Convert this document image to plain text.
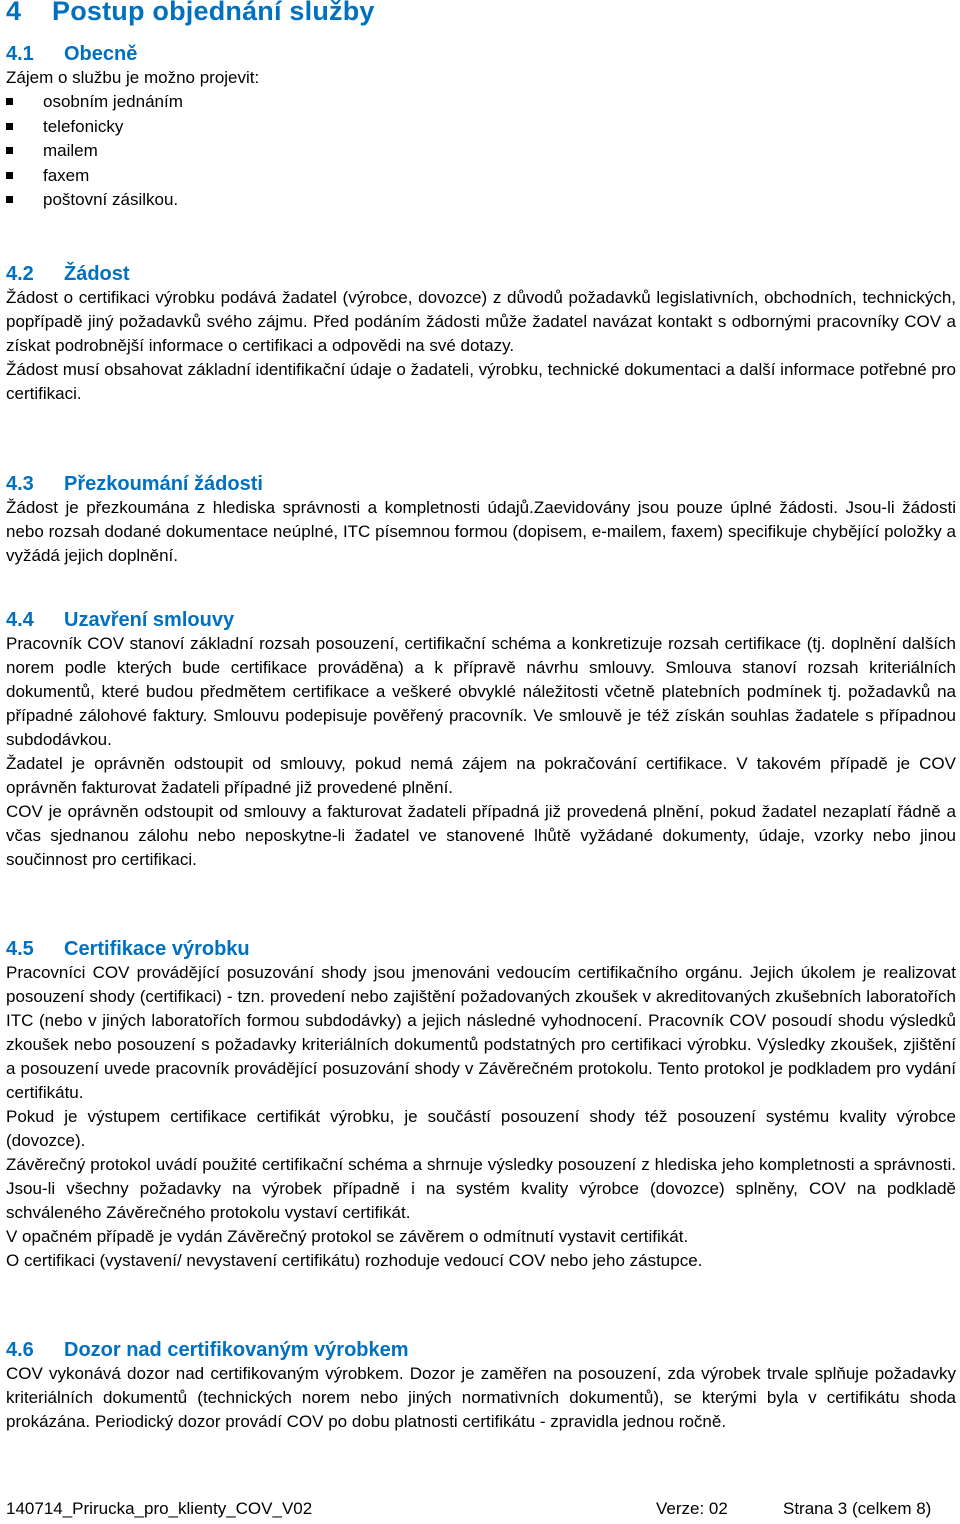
4 Postup objednání služby
4.1 Obecně

Zájem o službu je možno projevit:

osobním jednáním
telefonicky
mailem
faxem
poštovní zásilkou.
4.2 Žádost

Žádost o certifikaci výrobku podává žadatel (výrobce, dovozce) z důvodů požadavků legislativních, obchodních, technických, popřípadě jiný požadavků svého zájmu. Před podáním žádosti může žadatel navázat kontakt s odbornými pracovníky COV a získat podrobnější informace o certifikaci a odpovědi na své dotazy.

Žádost musí obsahovat základní identifikační údaje o žadateli, výrobku, technické dokumentaci a další informace potřebné pro certifikaci.

4.3 Přezkoumání žádosti

Žádost je přezkoumána z hlediska správnosti a kompletnosti údajů.Zaevidovány jsou pouze úplné žádosti. Jsou-li žádosti nebo rozsah dodané dokumentace neúplné, ITC písemnou formou (dopisem, e-mailem, faxem) specifikuje chybějící položky a vyžádá jejich doplnění.

4.4 Uzavření smlouvy

Pracovník COV stanoví základní rozsah posouzení, certifikační schéma a konkretizuje rozsah certifikace (tj. doplnění dalších norem podle kterých bude certifikace prováděna) a k přípravě návrhu smlouvy. Smlouva stanoví rozsah kriteriálních dokumentů, které budou předmětem certifikace a veškeré obvyklé náležitosti včetně platebních podmínek tj. požadavků na případné zálohové faktury. Smlouvu podepisuje pověřený pracovník. Ve smlouvě je též získán souhlas žadatele s případnou subdodávkou.

Žadatel je oprávněn odstoupit od smlouvy, pokud nemá zájem na pokračování certifikace. V takovém případě je COV oprávněn fakturovat žadateli případné již provedené plnění.

COV je oprávněn odstoupit od smlouvy a fakturovat žadateli případná již provedená plnění, pokud žadatel nezaplatí řádně a včas sjednanou zálohu nebo neposkytne-li žadatel ve stanovené lhůtě vyžádané dokumenty, údaje, vzorky nebo jinou součinnost pro certifikaci.

4.5 Certifikace výrobku

Pracovníci COV provádějící posuzování shody jsou jmenováni vedoucím certifikačního orgánu. Jejich úkolem je realizovat posouzení shody (certifikaci) - tzn. provedení nebo zajištění požadovaných zkoušek v akreditovaných zkušebních laboratořích ITC (nebo v jiných laboratořích formou subdodávky) a jejich následné vyhodnocení. Pracovník COV posoudí shodu výsledků zkoušek nebo posouzení s požadavky kriteriálních dokumentů podstatných pro certifikaci výrobku. Výsledky zkoušek, zjištění a posouzení uvede pracovník provádějící posuzování shody v Závěrečném protokolu. Tento protokol je podkladem pro vydání certifikátu.

Pokud je výstupem certifikace certifikát výrobku, je součástí posouzení shody též posouzení systému kvality výrobce (dovozce).

Závěrečný protokol uvádí použité certifikační schéma a shrnuje výsledky posouzení z hlediska jeho kompletnosti a správnosti. Jsou-li všechny požadavky na výrobek případně i na systém kvality výrobce (dovozce) splněny, COV na podkladě schváleného Závěrečného protokolu vystaví certifikát.

V opačném případě je vydán Závěrečný protokol se závěrem o odmítnutí vystavit certifikát.

O certifikaci (vystavení/ nevystavení certifikátu) rozhoduje vedoucí COV nebo jeho zástupce.

4.6 Dozor nad certifikovaným výrobkem

COV vykonává dozor nad certifikovaným výrobkem. Dozor je zaměřen na posouzení, zda výrobek trvale splňuje požadavky kriteriálních dokumentů (technických norem nebo jiných normativních dokumentů), se kterými byla v certifikátu shoda prokázána. Periodický dozor provádí COV po dobu platnosti certifikátu - zpravidla jednou ročně.

140714_Prirucka_pro_klienty_COV_V02	Verze: 02	Strana 3 (celkem 8)
